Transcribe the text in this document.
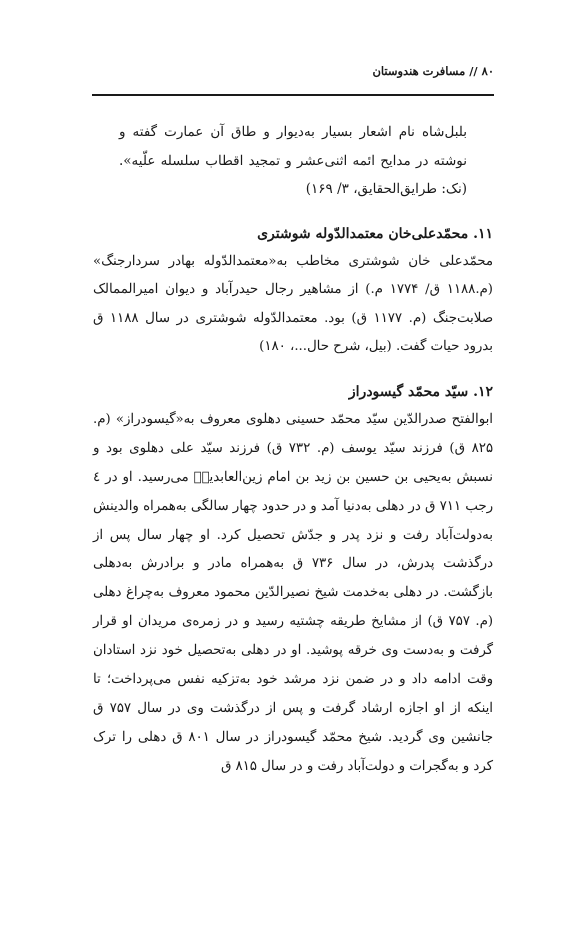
۸۰ // مسافرت هندوستان

بلبل‌شاه نام اشعار بسیار به‌دیوار و طاق آن عمارت گفته و نوشته در مدایح ائمه اثنی‌عشر و تمجید اقطاب سلسله علّیه». (نک: طرایق‌الحقایق، ۳/ ۱۶۹)

۱۱. محمّدعلی‌خان معتمدالدّوله شوشتری

محمّدعلی خان شوشتری مخاطب به«معتمدالدّوله بهادر سردارجنگ» (م.۱۱۸۸ ق/ ۱۷۷۴ م.) از مشاهیر رجال حیدرآباد و دیوان امیرالممالک صلابت‌جنگ (م. ۱۱۷۷ ق) بود. معتمدالدّوله شوشتری در سال ۱۱۸۸ ق بدرود حیات گفت. (بیل، شرح حال...، ۱۸۰)

۱۲. سیّد محمّد گیسودراز

ابوالفتح صدرالدّین سیّد محمّد حسینی دهلوی معروف به«گیسودراز» (م. ۸۲۵ ق) فرزند سیّد یوسف (م. ۷۳۲ ق) فرزند سیّد علی دهلوی بود و نسبش به‌یحیی بن حسین بن زید بن امام زین‌العابدینؑ می‌رسید. او در ٤ رجب ۷۱۱ ق در دهلی به‌دنیا آمد و در حدود چهار سالگی به‌همراه والدینش به‌دولت‌آباد رفت و نزد پدر و جدّش تحصیل کرد. او چهار سال پس از درگذشت پدرش، در سال ۷۳۶ ق به‌همراه مادر و برادرش به‌دهلی بازگشت. در دهلی به‌خدمت شیخ نصیرالدّین محمود معروف به‌چراغ دهلی (م. ۷۵۷ ق) از مشایخ طریقه چشتیه رسید و در زمره‌ی مریدان او قرار گرفت و به‌دست وی خرقه پوشید. او در دهلی به‌تحصیل خود نزد استادان وقت ادامه داد و در ضمن نزد مرشد خود به‌تزکیه نفس می‌پرداخت؛ تا اینکه از او اجازه ارشاد گرفت و پس از درگذشت وی در سال ۷۵۷ ق جانشین وی گردید. شیخ محمّد گیسودراز در سال ۸۰۱ ق دهلی را ترک کرد و به‌گجرات و دولت‌آباد رفت و در سال ۸۱۵ ق
